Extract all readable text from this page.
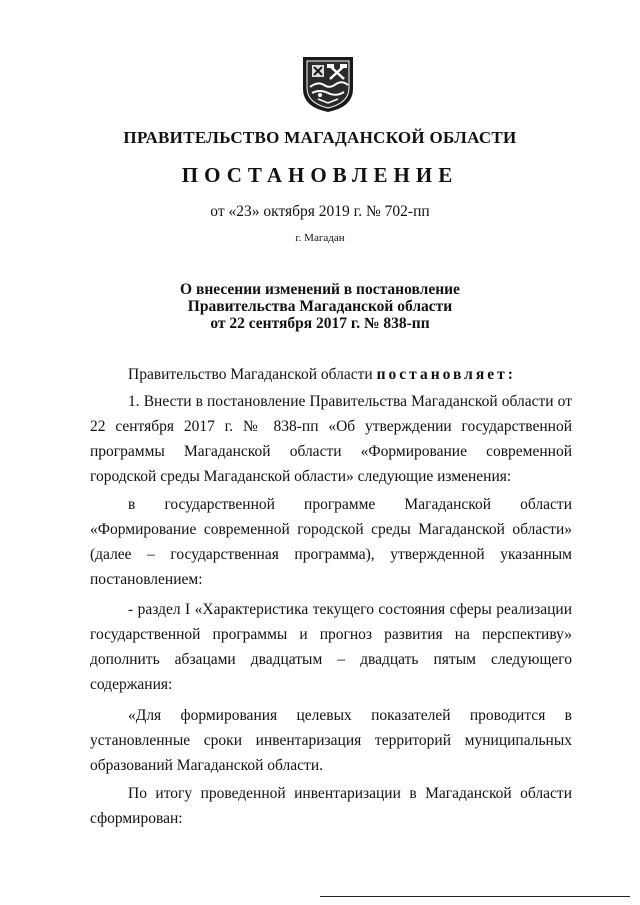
ПРАВИТЕЛЬСТВО МАГАДАНСКОЙ ОБЛАСТИ
ПОСТАНОВЛЕНИЕ
от «23» октября 2019 г. № 702-пп
г. Магадан
О внесении изменений в постановление
Правительства Магаданской области
от 22 сентября 2017 г. № 838-пп
Правительство Магаданской области постановляет:
1. Внести в постановление Правительства Магаданской области от 22 сентября 2017 г. № 838-пп «Об утверждении государственной программы Магаданской области «Формирование современной городской среды Магаданской области» следующие изменения:
в государственной программе Магаданской области «Формирование современной городской среды Магаданской области» (далее – государственная программа), утвержденной указанным постановлением:
- раздел I «Характеристика текущего состояния сферы реализации государственной программы и прогноз развития на перспективу» дополнить абзацами двадцатым – двадцать пятым следующего содержания:
«Для формирования целевых показателей проводится в установленные сроки инвентаризация территорий муниципальных образований Магаданской области.
По итогу проведенной инвентаризации в Магаданской области сформирован:
